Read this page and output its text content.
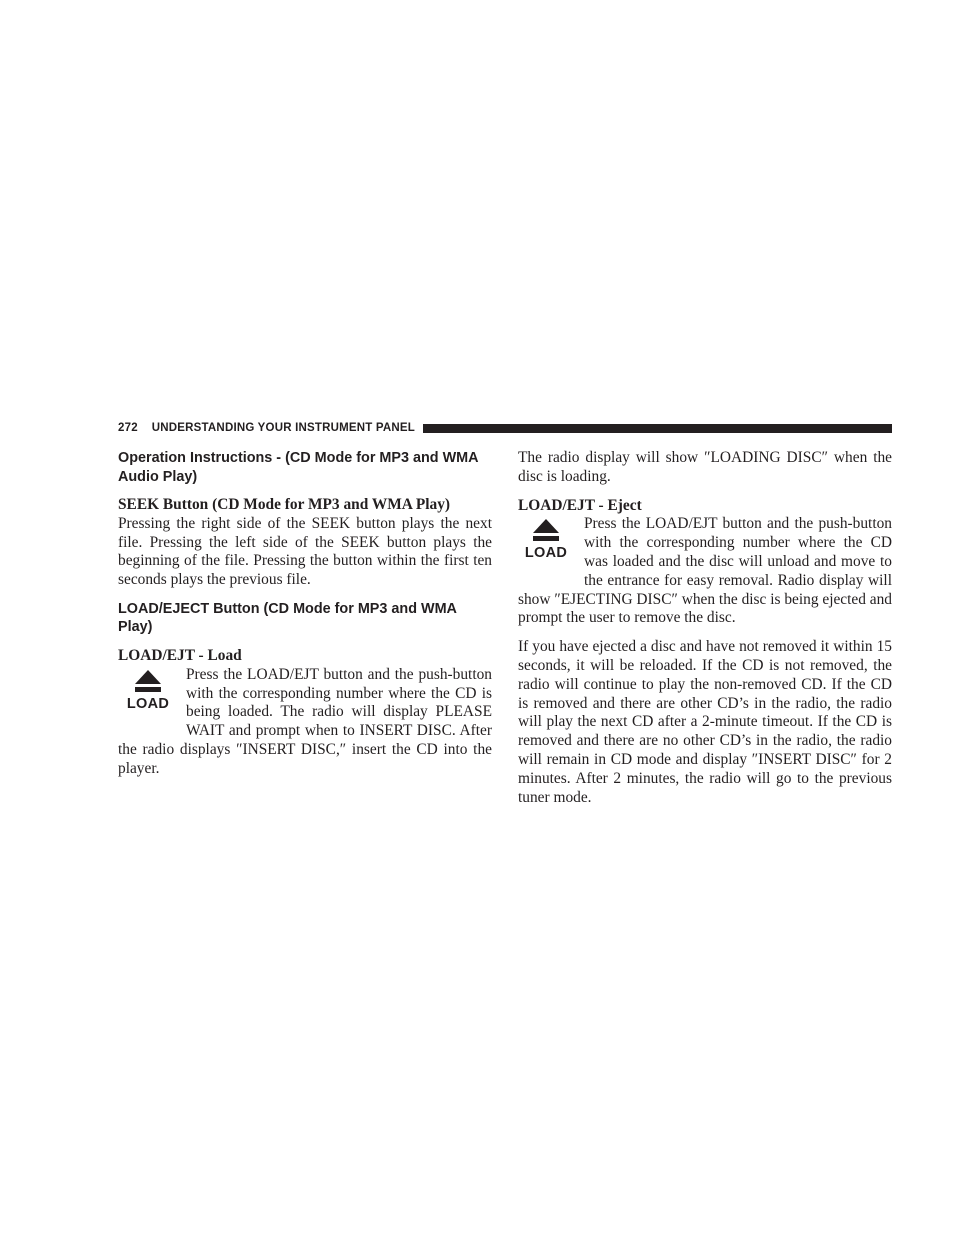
272 UNDERSTANDING YOUR INSTRUMENT PANEL
Operation Instructions - (CD Mode for MP3 and WMA Audio Play)
SEEK Button (CD Mode for MP3 and WMA Play)

Pressing the right side of the SEEK button plays the next file. Pressing the left side of the SEEK button plays the beginning of the file. Pressing the button within the first ten seconds plays the previous file.

LOAD/EJECT Button (CD Mode for MP3 and WMA Play)
LOAD/EJT - Load
LOAD

Press the LOAD/EJT button and the push-button with the corresponding number where the CD is being loaded. The radio will display PLEASE WAIT and prompt when to INSERT DISC. After the radio displays ″INSERT DISC,″ insert the CD into the player.

The radio display will show ″LOADING DISC″ when the disc is loading.

LOAD/EJT - Eject
LOAD

Press the LOAD/EJT button and the push-button with the corresponding number where the CD was loaded and the disc will unload and move to the entrance for easy removal. Radio display will show ″EJECTING DISC″ when the disc is being ejected and prompt the user to remove the disc.

If you have ejected a disc and have not removed it within 15 seconds, it will be reloaded. If the CD is not removed, the radio will continue to play the non-removed CD. If the CD is removed and there are other CD’s in the radio, the radio will play the next CD after a 2-minute timeout. If the CD is removed and there are no other CD’s in the radio, the radio will remain in CD mode and display ″INSERT DISC″ for 2 minutes. After 2 minutes, the radio will go to the previous tuner mode.
